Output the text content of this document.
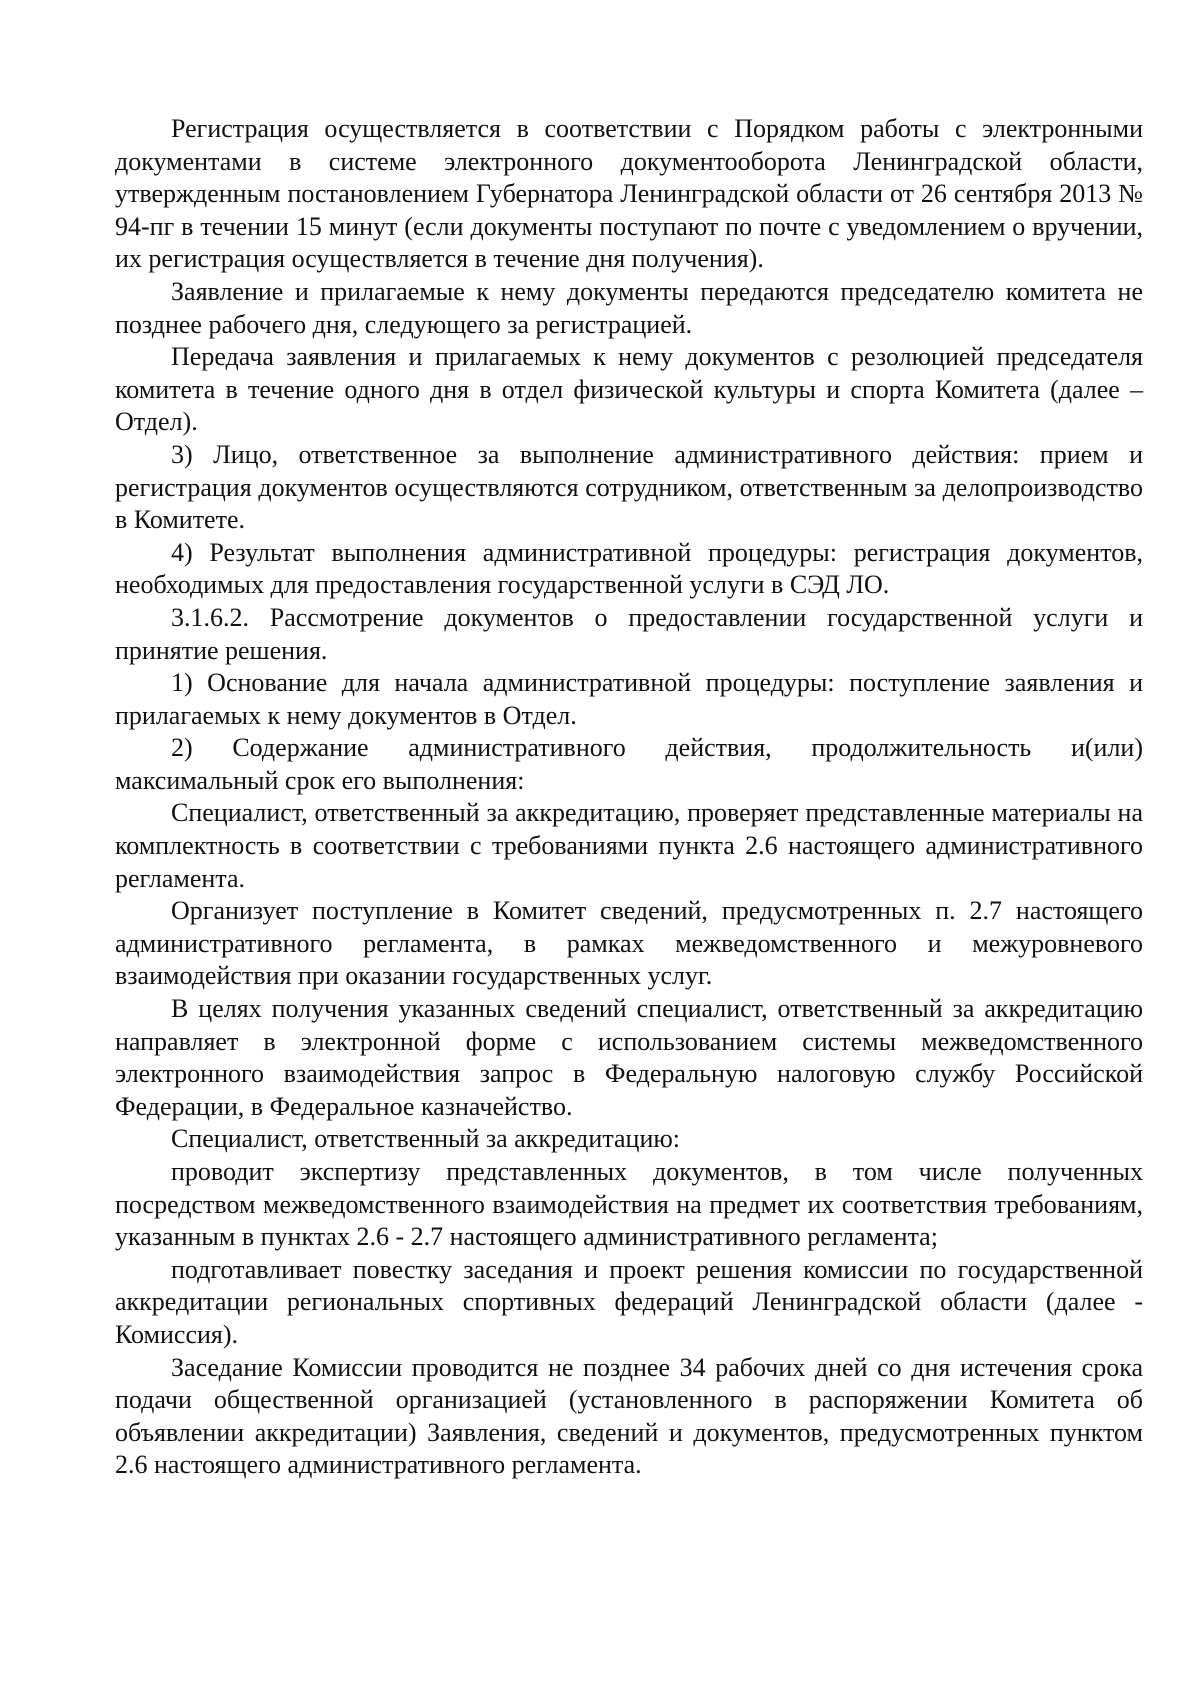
Регистрация осуществляется в соответствии с Порядком работы с электронными документами в системе электронного документооборота Ленинградской области, утвержденным постановлением Губернатора Ленинградской области от 26 сентября 2013 № 94-пг в течении 15 минут (если документы поступают по почте с уведомлением о вручении, их регистрация осуществляется в течение дня получения).

Заявление и прилагаемые к нему документы передаются председателю комитета не позднее рабочего дня, следующего за регистрацией.

Передача заявления и прилагаемых к нему документов с резолюцией председателя комитета в течение одного дня в отдел физической культуры и спорта Комитета (далее – Отдел).

3) Лицо, ответственное за выполнение административного действия: прием и регистрация документов осуществляются сотрудником, ответственным за делопроизводство в Комитете.

4) Результат выполнения административной процедуры: регистрация документов, необходимых для предоставления государственной услуги в СЭД ЛО.

3.1.6.2. Рассмотрение документов о предоставлении государственной услуги и принятие решения.

1) Основание для начала административной процедуры: поступление заявления и прилагаемых к нему документов в Отдел.

2) Содержание административного действия, продолжительность и(или) максимальный срок его выполнения:

Специалист, ответственный за аккредитацию, проверяет представленные материалы на комплектность в соответствии с требованиями пункта 2.6 настоящего административного регламента.

Организует поступление в Комитет сведений, предусмотренных п. 2.7 настоящего административного регламента, в рамках межведомственного и межуровневого взаимодействия при оказании государственных услуг.

В целях получения указанных сведений специалист, ответственный за аккредитацию направляет в электронной форме с использованием системы межведомственного электронного взаимодействия запрос в Федеральную налоговую службу Российской Федерации, в Федеральное казначейство.

Специалист, ответственный за аккредитацию:

проводит экспертизу представленных документов, в том числе полученных посредством межведомственного взаимодействия на предмет их соответствия требованиям, указанным в пунктах 2.6 - 2.7 настоящего административного регламента;

подготавливает повестку заседания и проект решения комиссии по государственной аккредитации региональных спортивных федераций Ленинградской области (далее - Комиссия).

Заседание Комиссии проводится не позднее 34 рабочих дней со дня истечения срока подачи общественной организацией (установленного в распоряжении Комитета об объявлении аккредитации) Заявления, сведений и документов, предусмотренных пунктом 2.6 настоящего административного регламента.
